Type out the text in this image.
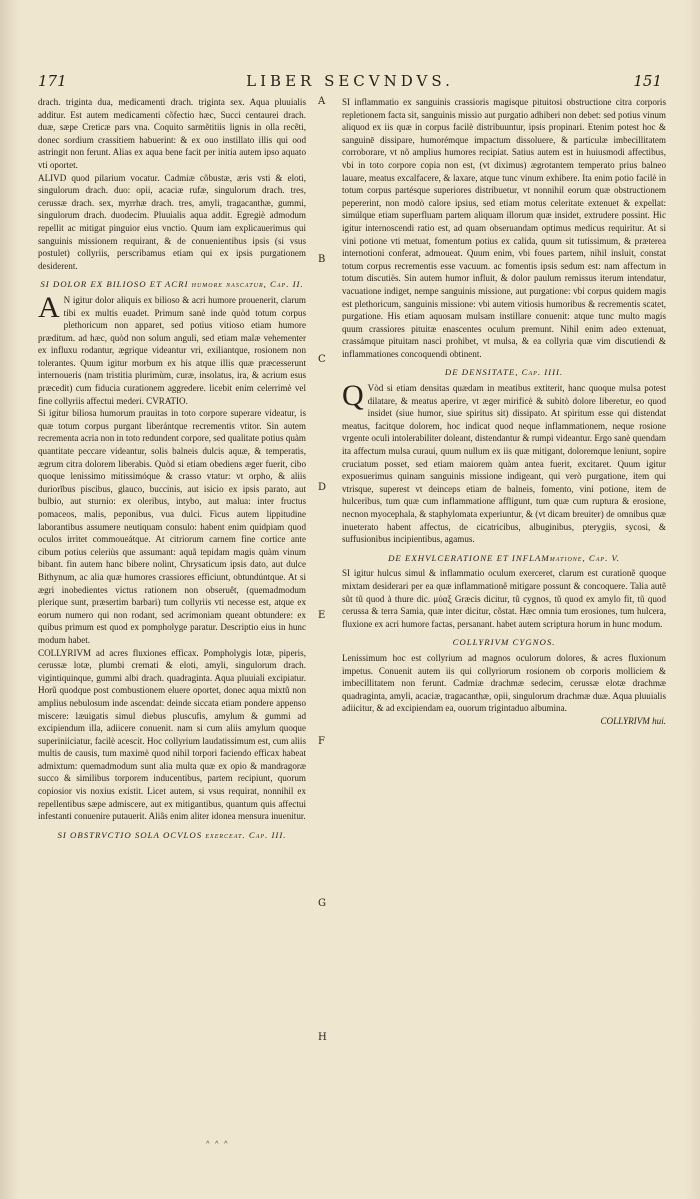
171	LIBER SECVNDVS.	151

drach. triginta dua, medicamenti drach. triginta sex. Aqua pluuialis additur. Est autem medicamenti cõfectio hæc, Succi centaurei drach. duæ, sæpe Creticæ pars vna. Coquito sarmẽtitiis lignis in olla recẽti, donec sordium crassitiem habuerint: & ex ouo instillato illis qui ood astringit non ferunt. Alias ex aqua bene facit per initia autem ipso aquato vti oportet.

ALIVD quod pilarium vocatur. Cadmiæ cõbustæ, æris vsti & eloti, singulorum drach. duo: opii, acaciæ rufæ, singulorum drach. tres, cerussæ drach. sex, myrrhæ drach. tres, amyli, tragacanthæ, gummi, singulorum drach. duodecim. Pluuialis aqua addit. Egregiè admodum repellit ac mitigat pinguior eius vnctio. Quum iam explicauerimus qui sanguinis missionem requirant, & de conuenientibus ipsis (si vsus postulet) collyriis, perscribamus etiam qui ex ipsis purgationem desiderent.

SI DOLOR EX BILIOSO ET ACRI humore nascatur, Cap. II.

A N igitur dolor aliquis ex bilioso & acri humore prouenerit, clarum tibi ex multis euadet. Primum sanè inde quòd totum corpus plethoricum non apparet, sed potius vitioso etiam humore præditum. ad hæc, quòd non solum anguli, sed etiam malæ vehementer ex influxu rodantur, ægrique videantur vri, exiliantque, rosionem non tolerantes. Quum igitur morbum ex his atque illis quæ præcesserunt internoueris (nam tristitia plurimùm, curæ, insolatus, ira, & acrium esus præcedit) cum fiducia curationem aggredere. licebit enim celerrimè vel fine collyriis affectui mederi. CVRATIO.

Si igitur biliosa humorum prauitas in toto corpore superare videatur, is quæ totum corpus purgant liberántque recrementis vtitor. Sin autem recrementa acria non in toto redundent corpore, sed qualitate potius quàm quantitate peccare videantur, solis balneis dulcis aquæ, & temperatis, ægrum citra dolorem liberabis. Quòd si etiam obediens æger fuerit, cibo quoque lenissimo mitissimóque & crasso vtatur: vt orpho, & aliis duriorĭbus piscibus, glauco, buccinis, aut isicio ex ipsis parato, aut bulbio, aut sturnio: ex oleribus, intybo, aut malua: inter fructus pomaceos, malis, peponibus, vua dulci. Ficus autem lippitudine laborantibus assumere neutiquam consulo: habent enim quidpiam quod oculos irritet commoueátque. At citriorum carnem fine cortice ante cibum potius celeriùs que assumant: aquã tepidam magis quàm vinum bibant. fin autem hanc bibere nolint, Chrysaticum ipsis dato, aut dulce Bithynum, ac alia quæ humores crassiores efficiunt, obtundúntque. At si ægri inobedientes victus rationem non obseruêt, (quemadmodum plerique sunt, præsertim barbari) tum collyriis vti necesse est, atque ex eorum numero qui non rodant, sed acrimoniam queant obtundere: ex quibus primum est quod ex pompholyge paratur. Descriptio eius in hunc modum habet.

COLLYRIVM ad acres fluxiones efficax. Pompholygis lotæ, piperis, cerussæ lotæ, plumbi cremati & eloti, amyli, singulorum drach. vigintiquinque, gummi albi drach. quadraginta. Aqua pluuiali excipiatur. Horũ quodque post combustionem eluere oportet, donec aqua mixtũ non amplius nebulosum inde ascendat: deinde siccata etiam pondere appenso miscere: læuigatis simul diebus pluscufis, amylum & gummi ad excipiendum illa, adiicere conuenit. nam si cum aliis amylum quoque superiniiciatur, facilè acescit. Hoc collyrium laudatissimum est, cum aliis multis de causis, tum maximè quod nihil torpori faciendo efficax habeat admixtum: quemadmodum sunt alia multa quæ ex opio & mandragoræ succo & similibus torporem inducentibus, partem recipiunt, quorum copiosior vis noxius existit. Licet autem, si vsus requirat, nonnihil ex repellentibus sæpe admiscere, aut ex mitigantibus, quantum quis affectui infestanti conuenire putauerit. Aliâs enim aliter idonea mensura inuenitur.

SI OBSTRVCTIO SOLA OCVLOS exerceat. Cap. III.
A
B
C
D
E
F
G
H

SI inflammatio ex sanguinis crassioris magisque pituitosi obstructione citra corporis repletionem facta sit, sanguinis missio aut purgatio adhiberi non debet: sed potius vinum aliquod ex iis quæ in corpus facilè distribuuntur, ipsis propinari. Etenim potest hoc & sanguinē dissipare, humorémque impactum dissoluere, & particulæ imbecillitatem corroborare, vt nõ amplius humores recipiat. Satius autem est in huiusmodi affectibus, vbi in toto corpore copia non est, (vt diximus) ægrotantem temperato prius balneo lauare, meatus excalfacere, & laxare, atque tunc vinum exhibere. Ita enim potio facilè in totum corpus partésque superiores distribuetur, vt nonnihil eorum quæ obstructionem pepererint, non modò calore ipsius, sed etiam motus celeritate extenuet & expellat: simúlque etiam superfluam partem aliquam illorum quæ insidet, extrudere possint. Hic igitur internoscendi ratio est, ad quam obseruandam optimus medicus requiritur. At si vini potione vti metuat, fomentum potius ex calida, quum sit tutissimum, & præterea internotioni conferat, admoueat. Quum enim, vbi foues partem, nihil insluit, constat totum corpus recrementis esse vacuum. ac fomentis ipsis sedum est: nam affectum in totum discutiës. Sin autem humor influit, & dolor paulum remissus iterum intendatur, vacuatione indiget, nempe sanguinis missione, aut purgatione: vbi corpus quidem magis est plethoricum, sanguinis missione: vbi autem vitiosis humoribus & recrementis scatet, purgatione. His etiam aquosam mulsam instillare conuenit: atque tunc multo magis quum crassiores pituitæ enascentes oculum premunt. Nihil enim adeo extenuat, crassámque pituitam nasci prohibet, vt mulsa, & ea collyria quæ vim discutiendi & inflammationes concoquendi obtinent.

DE DENSITATE, Cap. IIII.

Q Vòd si etiam densitas quædam in meatibus extiterit, hanc quoque mulsa potest dilatare, & meatus aperire, vt æger mirificè & subitò dolore liberetur, eo quod insidet (siue humor, siue spiritus sit) dissipato. At spiritum esse qui distendat meatus, facitque dolorem, hoc indicat quod neque inflammationem, neque rosione vrgente oculi intolerabiliter doleant, distendantur & rumpi videantur. Ergo sanè quendam ita affectum mulsa curaui, quum nullum ex iis quæ mitigant, doloremque leniunt, sopire cruciatum posset, sed etiam maiorem quàm antea fuerit, excitaret. Quum igitur exposuerimus quinam sanguinis missione indigeant, qui verò purgatione, item qui vtrisque, superest vt deinceps etiam de balneis, fomento, vini potione, item de hulceribus, tum quæ cum inflammatione affligunt, tum quæ cum ruptura & erosione, necnon myocephala, & staphylomata experiuntur, & (vt dicam breuiter) de omnibus quæ inueterato habent affectus, de cicatricibus, albuginibus, pterygiis, sycosi, & suffusionibus incipientibus, agamus.

DE EXHVLCERATIONE ET INFLAMmatione, Cap. V.

SI igitur hulcus simul & inflammatio oculum exerceret, clarum est curationẽ quoque mixtam desiderari per ea quæ inflammationẽ mitigare possunt & concoquere. Talia autẽ sũt tũ quod à thure dic. μύαξ Græcis dicitur, tũ cygnos, tũ quod ex amylo fit, tũ quod cerussa & terra Samia, quæ inter dicitur, cõstat. Hæc omnia tum erosiones, tum hulcera, fluxione ex acri humore factas, persanant. habet autem scriptura horum in hunc modum.

COLLYRIVM CYGNOS.

Lenissimum hoc est collyrium ad magnos oculorum dolores, & acres fluxionum impetus. Conuenit autem iis qui collyriorum rosionem ob corporis molliciem & imbecillitatem non ferunt. Cadmiæ drachmæ sedecim, cerussæ elotæ drachmæ quadraginta, amyli, acaciæ, tragacanthæ, opii, singulorum drachmæ duæ. Aqua pluuialis adiicitur, & ad excipiendam ea, ouorum trigintaduo albumina.

COLLYRIVM hui.
˄ ˄ ˄
